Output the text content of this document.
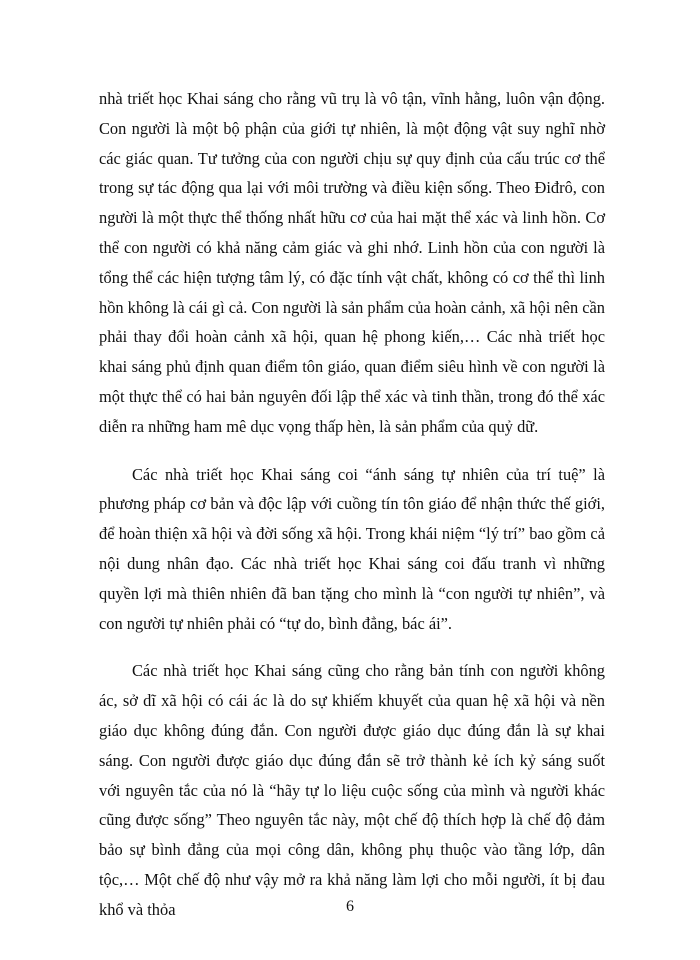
nhà triết học Khai sáng cho rằng vũ trụ là vô tận, vĩnh hằng, luôn vận động. Con người là một bộ phận của giới tự nhiên, là một động vật suy nghĩ nhờ các giác quan. Tư tưởng của con người chịu sự quy định của cấu trúc cơ thể trong sự tác động qua lại với môi trường và điều kiện sống. Theo Điđrô, con người là một thực thể thống nhất hữu cơ của hai mặt thể xác và linh hồn. Cơ thể con người có khả năng cảm giác và ghi nhớ. Linh hồn của con người là tổng thể các hiện tượng tâm lý, có đặc tính vật chất, không có cơ thể thì linh hồn không là cái gì cả. Con người là sản phẩm của hoàn cảnh, xã hội nên cần phải thay đổi hoàn cảnh xã hội, quan hệ phong kiến,… Các nhà triết học khai sáng phủ định quan điểm tôn giáo, quan điểm siêu hình về con người là một thực thể có hai bản nguyên đối lập thể xác và tinh thần, trong đó thể xác diễn ra những ham mê dục vọng thấp hèn, là sản phẩm của quỷ dữ.

Các nhà triết học Khai sáng coi “ánh sáng tự nhiên của trí tuệ” là phương pháp cơ bản và độc lập với cuồng tín tôn giáo để nhận thức thế giới, để hoàn thiện xã hội và đời sống xã hội. Trong khái niệm “lý trí” bao gồm cả nội dung nhân đạo. Các nhà triết học Khai sáng coi đấu tranh vì những quyền lợi mà thiên nhiên đã ban tặng cho mình là “con người tự nhiên”, và con người tự nhiên phải có “tự do, bình đẳng, bác ái”.

Các nhà triết học Khai sáng cũng cho rằng bản tính con người không ác, sở dĩ xã hội có cái ác là do sự khiếm khuyết của quan hệ xã hội và nền giáo dục không đúng đắn. Con người được giáo dục đúng đắn là sự khai sáng. Con người được giáo dục đúng đắn sẽ trở thành kẻ ích kỷ sáng suốt với nguyên tắc của nó là “hãy tự lo liệu cuộc sống của mình và người khác cũng được sống” Theo nguyên tắc này, một chế độ thích hợp là chế độ đảm bảo sự bình đẳng của mọi công dân, không phụ thuộc vào tầng lớp, dân tộc,… Một chế độ như vậy mở ra khả năng làm lợi cho mỗi người, ít bị đau khổ và thỏa	6
